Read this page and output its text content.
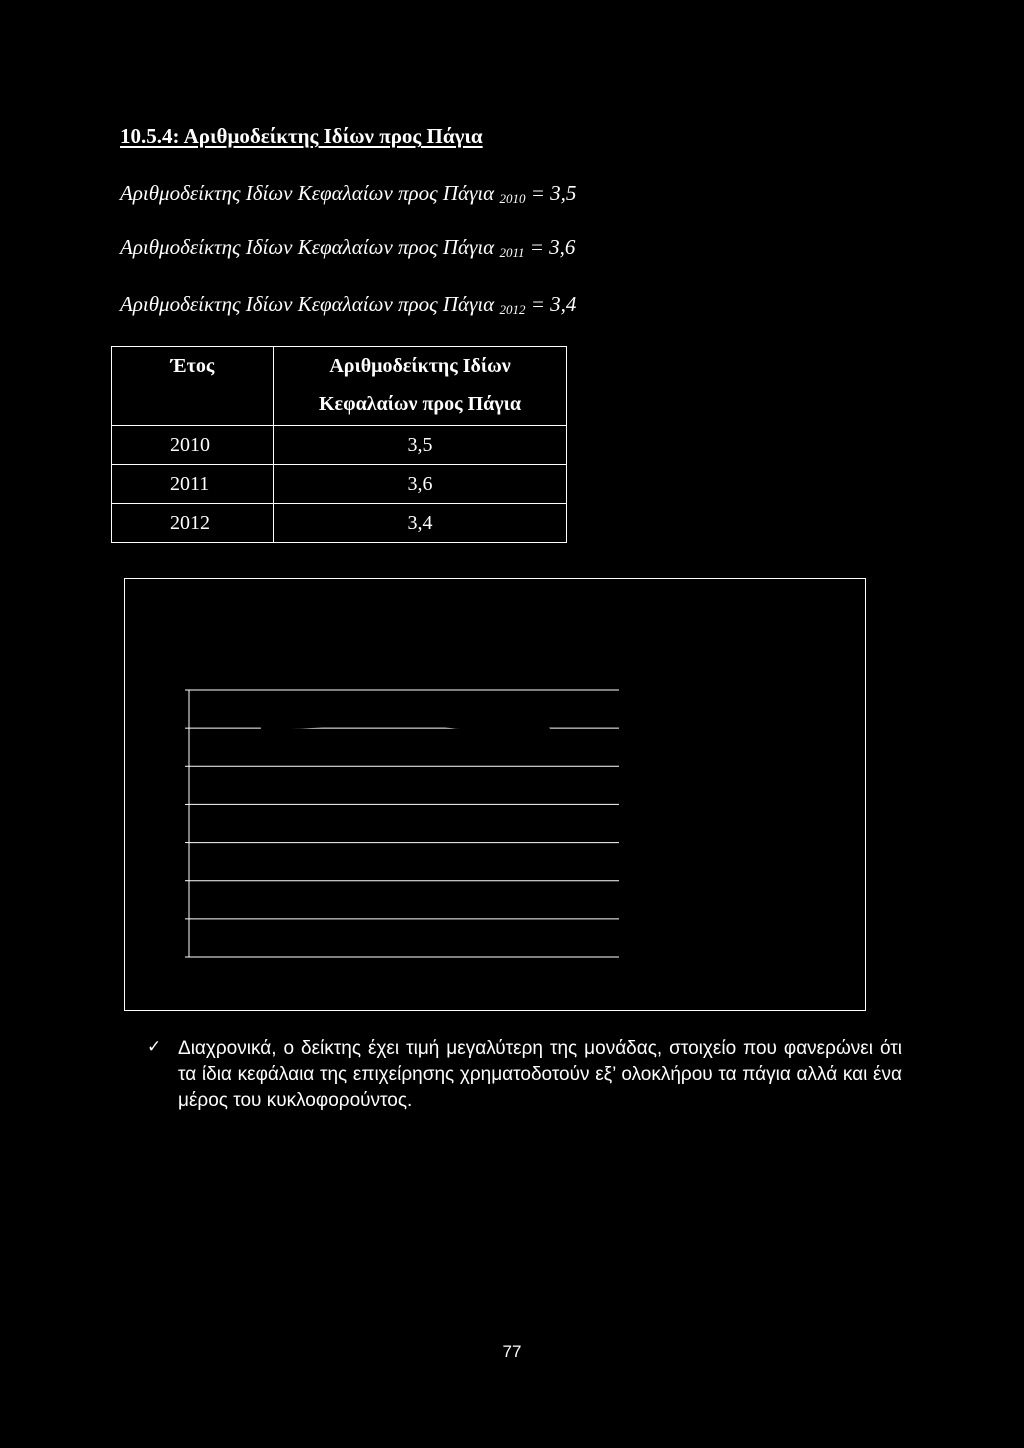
10.5.4: Αριθμοδείκτης Ιδίων προς Πάγια
Αριθμοδείκτης Ιδίων Κεφαλαίων προς Πάγια $_{2010}$ = 3,5
Αριθμοδείκτης Ιδίων Κεφαλαίων προς Πάγια $_{2011}$ = 3,6
Αριθμοδείκτης Ιδίων Κεφαλαίων προς Πάγια $_{2012}$ = 3,4
Έτος	Αριθμοδείκτης Ιδίων
Κεφαλαίων προς Πάγια
2010	3,5
2011	3,6
2012	3,4
✓ Διαχρονικά, ο δείκτης έχει τιμή μεγαλύτερη της μονάδας, στοιχείο που φανερώνει ότι τα ίδια κεφάλαια της επιχείρησης χρηματοδοτούν εξ’ ολοκλήρου τα πάγια αλλά και ένα μέρος του κυκλοφορούντος.
77
